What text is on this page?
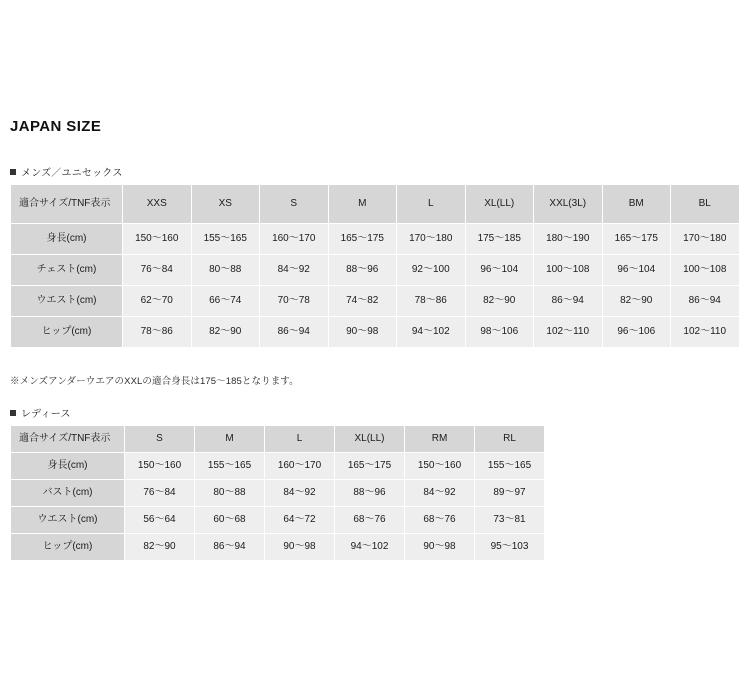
JAPAN SIZE
メンズ／ユニセックス
適合サイズ/TNF表示	XXS	XS	S	M	L	XL(LL)	XXL(3L)	BM	BL
身長(cm)	150〜160	155〜165	160〜170	165〜175	170〜180	175〜185	180〜190	165〜175	170〜180
チェスト(cm)	76〜84	80〜88	84〜92	88〜96	92〜100	96〜104	100〜108	96〜104	100〜108
ウエスト(cm)	62〜70	66〜74	70〜78	74〜82	78〜86	82〜90	86〜94	82〜90	86〜94
ヒップ(cm)	78〜86	82〜90	86〜94	90〜98	94〜102	98〜106	102〜110	96〜106	102〜110
※メンズアンダーウエアのXXLの適合身長は175〜185となります。
レディース
適合サイズ/TNF表示	S	M	L	XL(LL)	RM	RL
身長(cm)	150〜160	155〜165	160〜170	165〜175	150〜160	155〜165
バスト(cm)	76〜84	80〜88	84〜92	88〜96	84〜92	89〜97
ウエスト(cm)	56〜64	60〜68	64〜72	68〜76	68〜76	73〜81
ヒップ(cm)	82〜90	86〜94	90〜98	94〜102	90〜98	95〜103
